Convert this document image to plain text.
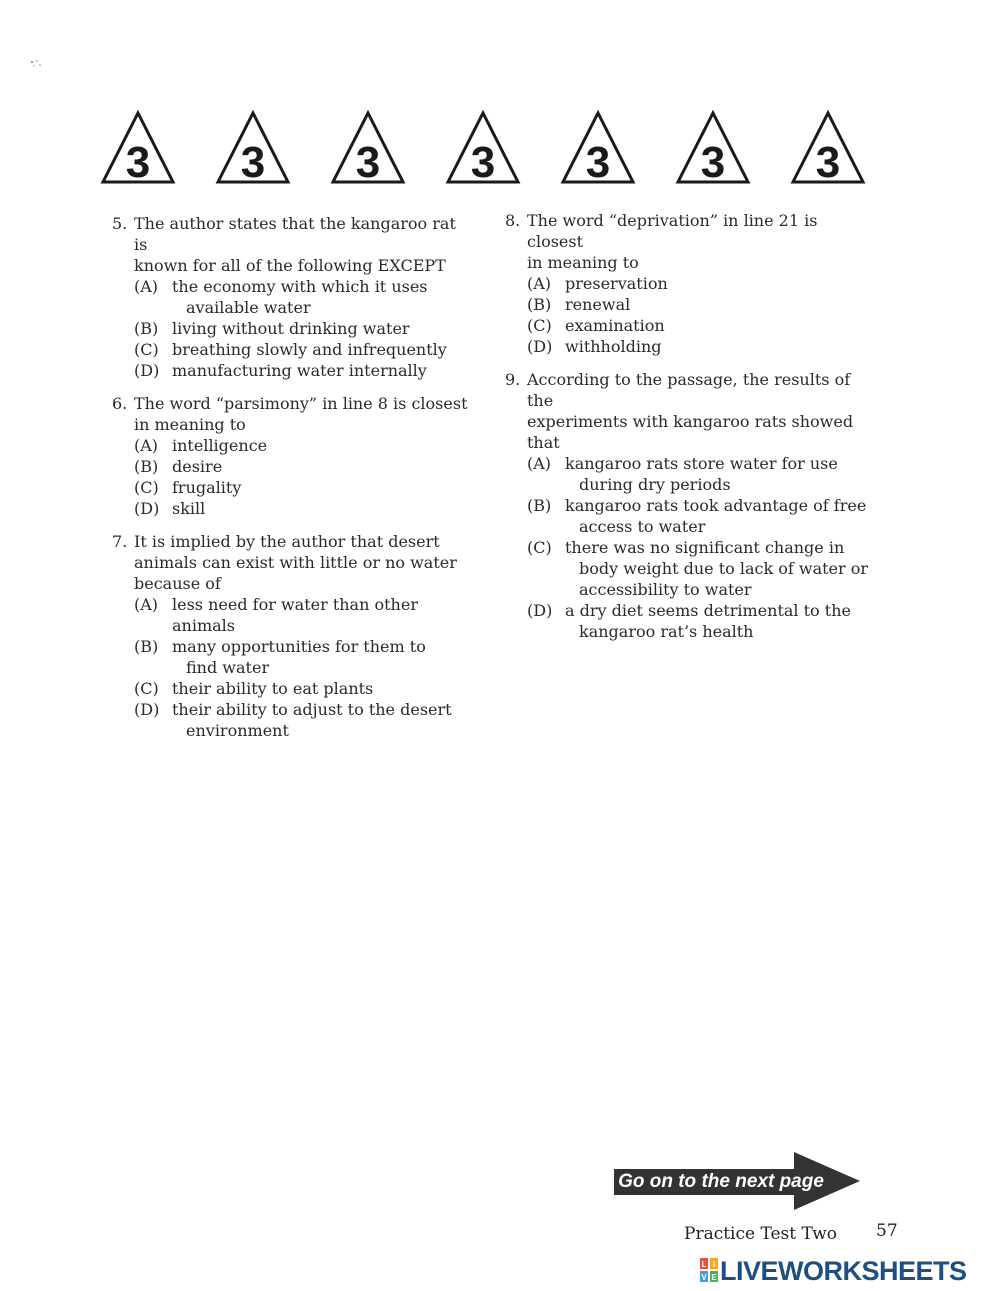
3 3 3 3 3 3 3
5. The author states that the kangaroo rat is
known for all of the following EXCEPT
(A) the economy with which it uses
available water
(B) living without drinking water
(C) breathing slowly and infrequently
(D) manufacturing water internally
6. The word “parsimony” in line 8 is closest
in meaning to
(A) intelligence
(B) desire
(C) frugality
(D) skill
7. It is implied by the author that desert
animals can exist with little or no water
because of
(A) less need for water than other animals
(B) many opportunities for them to
find water
(C) their ability to eat plants
(D) their ability to adjust to the desert
environment
8. The word “deprivation” in line 21 is closest
in meaning to
(A) preservation
(B) renewal
(C) examination
(D) withholding
9. According to the passage, the results of the
experiments with kangaroo rats showed
that
(A) kangaroo rats store water for use
during dry periods
(B) kangaroo rats took advantage of free
access to water
(C) there was no significant change in
body weight due to lack of water or
accessibility to water
(D) a dry diet seems detrimental to the
kangaroo rat’s health
Go on to the next page
Practice Test Two 57
L I
V E LIVEWORKSHEETS
